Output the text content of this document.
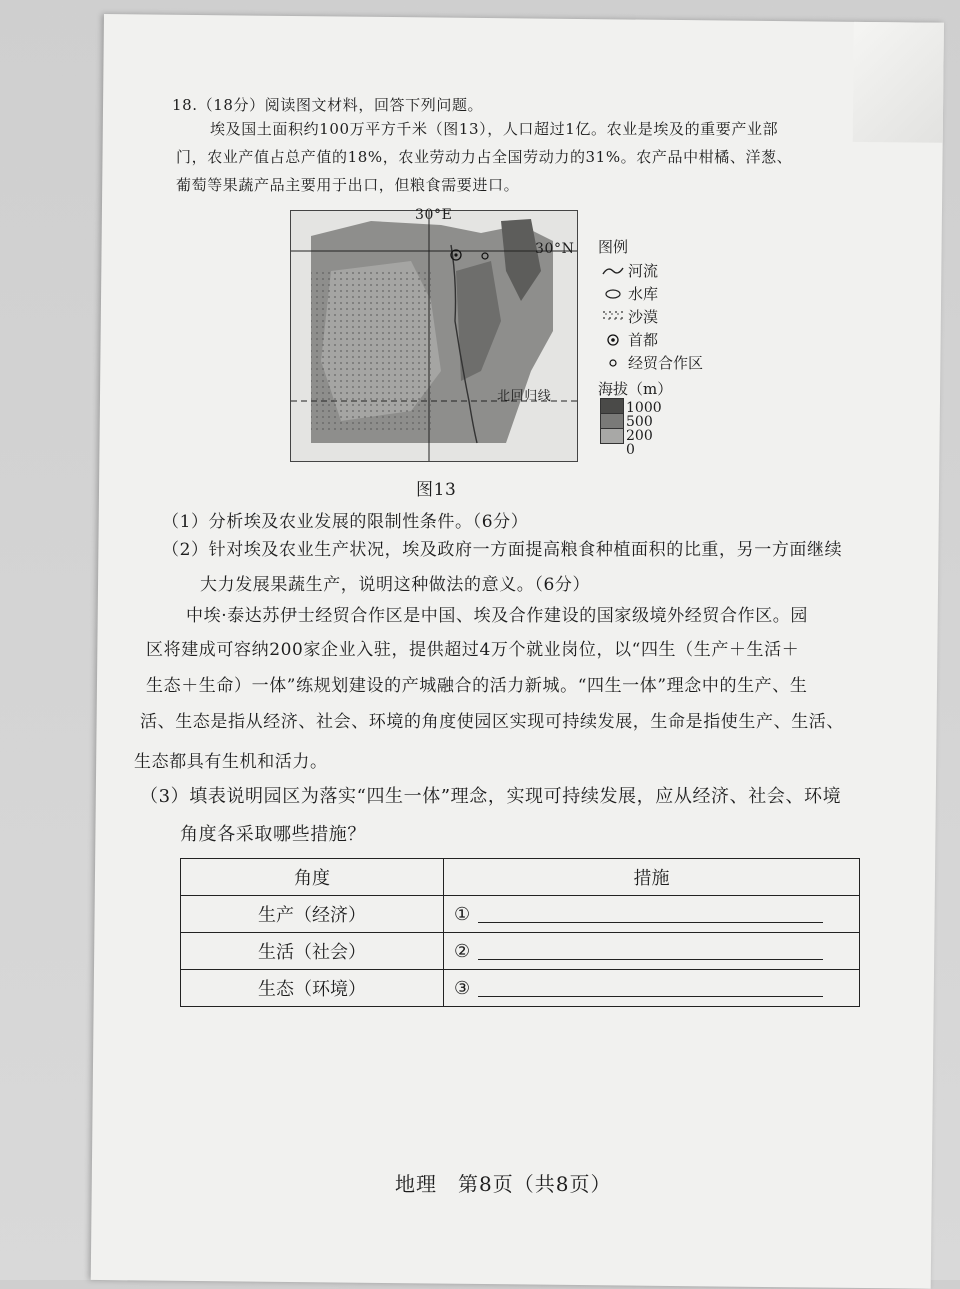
18.（18分）阅读图文材料，回答下列问题。
埃及国土面积约100万平方千米（图13），人口超过1亿。农业是埃及的重要产业部
门，农业产值占总产值的18%，农业劳动力占全国劳动力的31%。农产品中柑橘、洋葱、
葡萄等果蔬产品主要用于出口，但粮食需要进口。
30°E
30°N
北回归线
图例
河流
水库
沙漠
首都
经贸合作区
海拔（m）
1000
500
200
0
图13
（1）分析埃及农业发展的限制性条件。（6分）
（2）针对埃及农业生产状况，埃及政府一方面提高粮食种植面积的比重，另一方面继续
大力发展果蔬生产，说明这种做法的意义。（6分）
中埃·泰达苏伊士经贸合作区是中国、埃及合作建设的国家级境外经贸合作区。园
区将建成可容纳200家企业入驻，提供超过4万个就业岗位，以“四生（生产＋生活＋
生态＋生命）一体”练规划建设的产城融合的活力新城。“四生一体”理念中的生产、生
活、生态是指从经济、社会、环境的角度使园区实现可持续发展，生命是指使生产、生活、
生态都具有生机和活力。
（3）填表说明园区为落实“四生一体”理念，实现可持续发展，应从经济、社会、环境
角度各采取哪些措施？
角度	措施
生产（经济）	①
生活（社会）	②
生态（环境）	③
地理　第8页（共8页）
